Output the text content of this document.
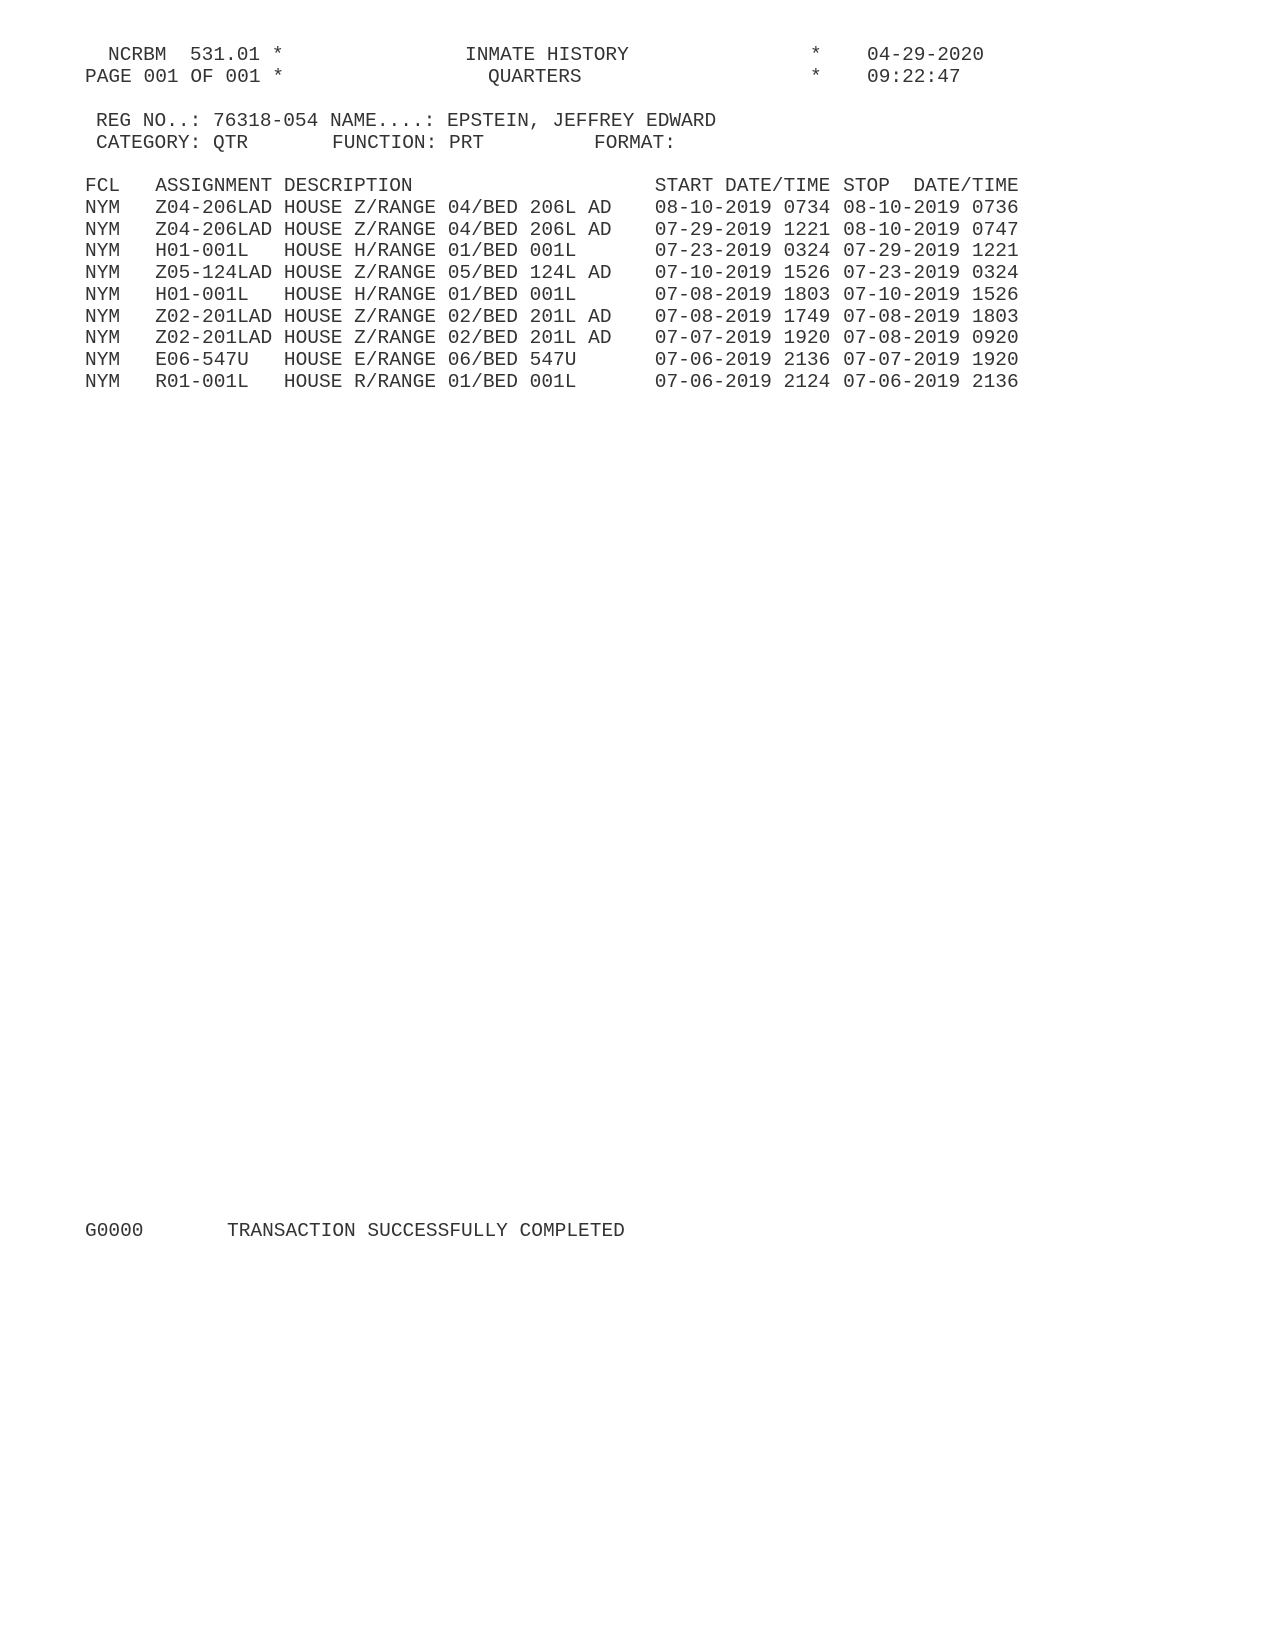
NCRBM  531.01 *
PAGE 001 OF 001 *
INMATE HISTORY
QUARTERS
*
*
04-29-2020
09:22:47
REG NO..: 76318-054 NAME....: EPSTEIN, JEFFREY EDWARD
CATEGORY: QTR	FUNCTION: PRT	FORMAT:
FCL ASSIGNMENT DESCRIPTION	START DATE/TIME STOP  DATE/TIME
NYM Z04-206LAD HOUSE Z/RANGE 04/BED 206L AD 08-10-2019 0734 08-10-2019 0736
NYM Z04-206LAD HOUSE Z/RANGE 04/BED 206L AD 07-29-2019 1221 08-10-2019 0747
NYM H01-001L HOUSE H/RANGE 01/BED 001L	07-23-2019 0324 07-29-2019 1221
NYM Z05-124LAD HOUSE Z/RANGE 05/BED 124L AD 07-10-2019 1526 07-23-2019 0324
NYM H01-001L HOUSE H/RANGE 01/BED 001L	07-08-2019 1803 07-10-2019 1526
NYM Z02-201LAD HOUSE Z/RANGE 02/BED 201L AD 07-08-2019 1749 07-08-2019 1803
NYM Z02-201LAD HOUSE Z/RANGE 02/BED 201L AD 07-07-2019 1920 07-08-2019 0920
NYM E06-547U HOUSE E/RANGE 06/BED 547U	07-06-2019 2136 07-07-2019 1920
NYM R01-001L HOUSE R/RANGE 01/BED 001L	07-06-2019 2124 07-06-2019 2136
G0000	TRANSACTION SUCCESSFULLY COMPLETED
